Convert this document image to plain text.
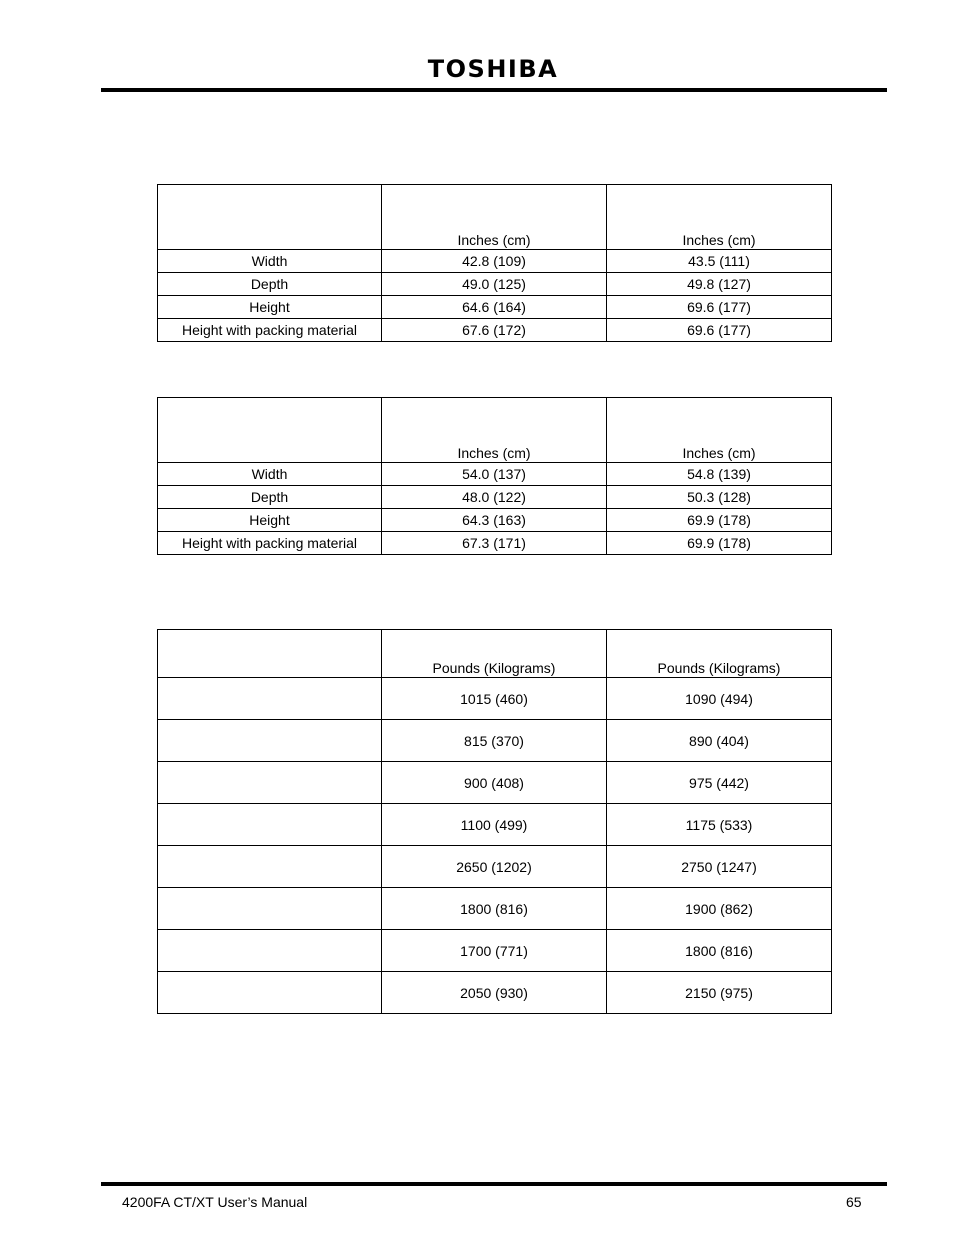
TOSHIBA
	Inches (cm)	Inches (cm)
Width	42.8 (109)	43.5 (111)
Depth	49.0 (125)	49.8 (127)
Height	64.6 (164)	69.6 (177)
Height with packing material	67.6 (172)	69.6 (177)
	Inches (cm)	Inches (cm)
Width	54.0 (137)	54.8 (139)
Depth	48.0 (122)	50.3 (128)
Height	64.3 (163)	69.9 (178)
Height with packing material	67.3 (171)	69.9 (178)
	Pounds (Kilograms)	Pounds (Kilograms)
	1015 (460)	1090 (494)
	815 (370)	890 (404)
	900 (408)	975 (442)
	1100 (499)	1175 (533)
	2650 (1202)	2750 (1247)
	1800 (816)	1900 (862)
	1700 (771)	1800 (816)
	2050 (930)	2150 (975)
4200FA CT/XT User’s Manual	65
